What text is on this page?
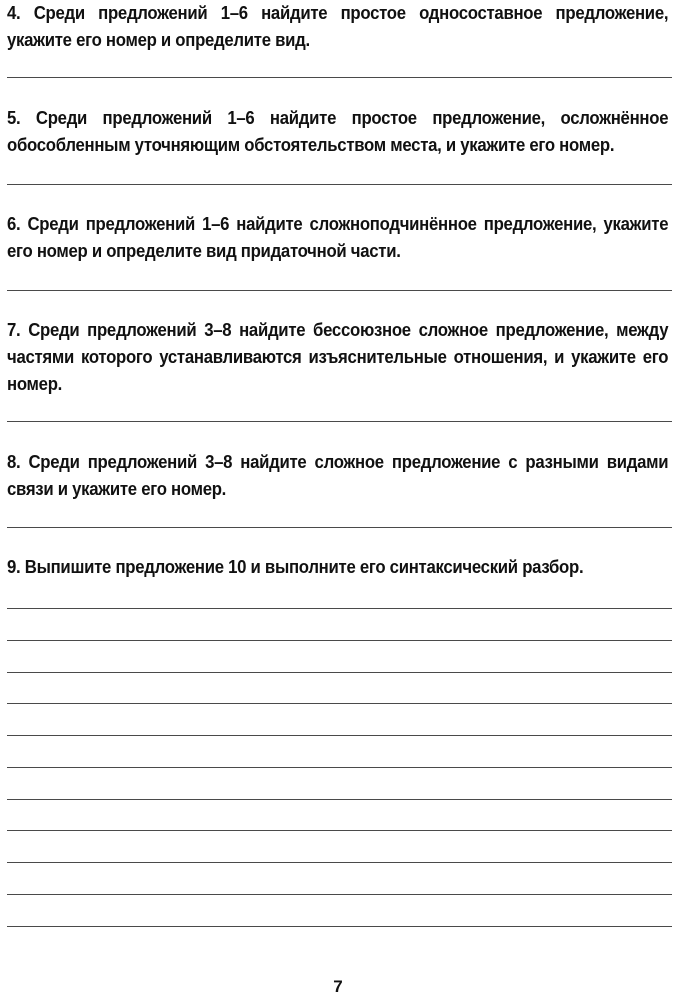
4. Среди предложений 1–6 найдите простое односоставное предложение, укажите его номер и определите вид.

5. Среди предложений 1–6 найдите простое предложение, осложнённое обособленным уточняющим обстоятельством места, и укажите его номер.

6. Среди предложений 1–6 найдите сложноподчинённое предложение, укажите его номер и определите вид придаточной части.

7. Среди предложений 3–8 найдите бессоюзное сложное предложение, между частями которого устанавливаются изъяснительные отношения, и укажите его номер.

8. Среди предложений 3–8 найдите сложное предложение с разными видами связи и укажите его номер.

9. Выпишите предложение 10 и выполните его синтаксический разбор.

7
